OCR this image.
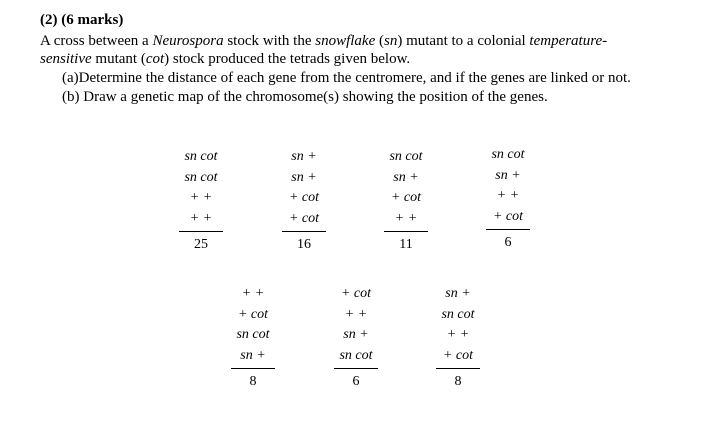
(2) (6 marks)
A cross between a Neurospora stock with the snowflake (sn) mutant to a colonial temperature-
sensitive mutant (cot) stock produced the tetrads given below.
(a)Determine the distance of each gene from the centromere, and if the genes are linked or not.
(b) Draw a genetic map of the chromosome(s) showing the position of the genes.
sn cot
sn cot
+ +
+ +
25
sn +
sn +
+ cot
+ cot
16
sn cot
sn +
+ cot
+ +
11
sn cot
sn +
+ +
+ cot
6
+ +
+ cot
sn cot
sn +
8
+ cot
+ +
sn +
sn cot
6
sn +
sn cot
+ +
+ cot
8
